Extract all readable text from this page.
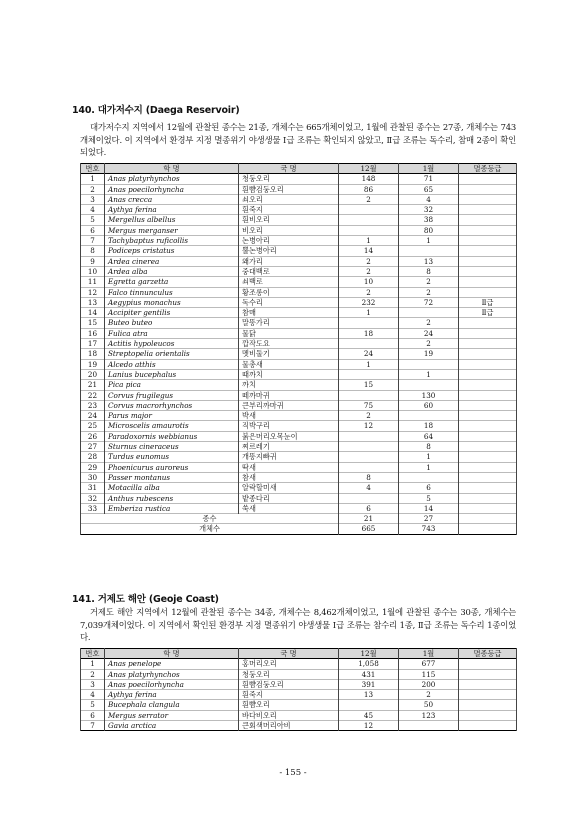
140. 대가저수지 (Daega Reservoir)
대가저수지 지역에서 12월에 관찰된 종수는 21종, 개체수는 665개체이었고, 1월에 관찰된 종수는 27종, 개체수는 743개체이었다. 이 지역에서 환경부 지정 멸종위기 야생생물 Ⅰ급 조류는 확인되지 않았고, Ⅱ급 조류는 독수리, 참매 2종이 확인되었다.
번호	학 명	국 명	12월	1월	멸종등급
1	Anas platyrhynchos	청둥오리	148	71	
2	Anas poecilorhyncha	흰뺨검둥오리	86	65	
3	Anas crecca	쇠오리	2	4	
4	Aythya ferina	흰죽지		32	
5	Mergellus albellus	흰비오리		38	
6	Mergus merganser	비오리		80	
7	Tachybaptus ruficollis	논병아리	1	1	
8	Podiceps cristatus	뿔논병아리	14		
9	Ardea cinerea	왜가리	2	13	
10	Ardea alba	중대백로	2	8	
11	Egretta garzetta	쇠백로	10	2	
12	Falco tinnunculus	황조롱이	2	2	
13	Aegypius monachus	독수리	232	72	Ⅱ급
14	Accipiter gentilis	참매	1		Ⅱ급
15	Buteo buteo	말똥가리		2	
16	Fulica atra	물닭	18	24	
17	Actitis hypoleucos	깝작도요		2	
18	Streptopelia orientalis	멧비둘기	24	19	
19	Alcedo atthis	물총새	1		
20	Lanius bucephalus	때까치		1	
21	Pica pica	까치	15		
22	Corvus frugilegus	떼까마귀		130	
23	Corvus macrorhynchos	큰부리까마귀	75	60	
24	Parus major	박새	2		
25	Microscelis amaurotis	직박구리	12	18	
26	Paradoxornis webbianus	붉은머리오목눈이		64	
27	Sturnus cineraceus	찌르레기		8	
28	Turdus eunomus	개똥지빠귀		1	
29	Phoenicurus auroreus	딱새		1	
30	Passer montanus	참새	8		
31	Motacilla alba	알락할미새	4	6	
32	Anthus rubescens	밭종다리		5	
33	Emberiza rustica	쑥새	6	14	
종수			21	27	
개체수			665	743	
141. 거제도 해안 (Geoje Coast)
거제도 해안 지역에서 12월에 관찰된 종수는 34종, 개체수는 8,462개체이었고, 1월에 관찰된 종수는 30종, 개체수는 7,039개체이었다. 이 지역에서 확인된 환경부 지정 멸종위기 야생생물 Ⅰ급 조류는 참수리 1종, Ⅱ급 조류는 독수리 1종이었다.
번호	학 명	국 명	12월	1월	멸종등급
1	Anas penelope	홍머리오리	1,058	677	
2	Anas platyrhynchos	청둥오리	431	115	
3	Anas poecilorhyncha	흰뺨검둥오리	391	200	
4	Aythya ferina	흰죽지	13	2	
5	Bucephala clangula	흰뺨오리		50	
6	Mergus serrator	바다비오리	45	123	
7	Gavia arctica	큰회색머리아비	12		
- 155 -
